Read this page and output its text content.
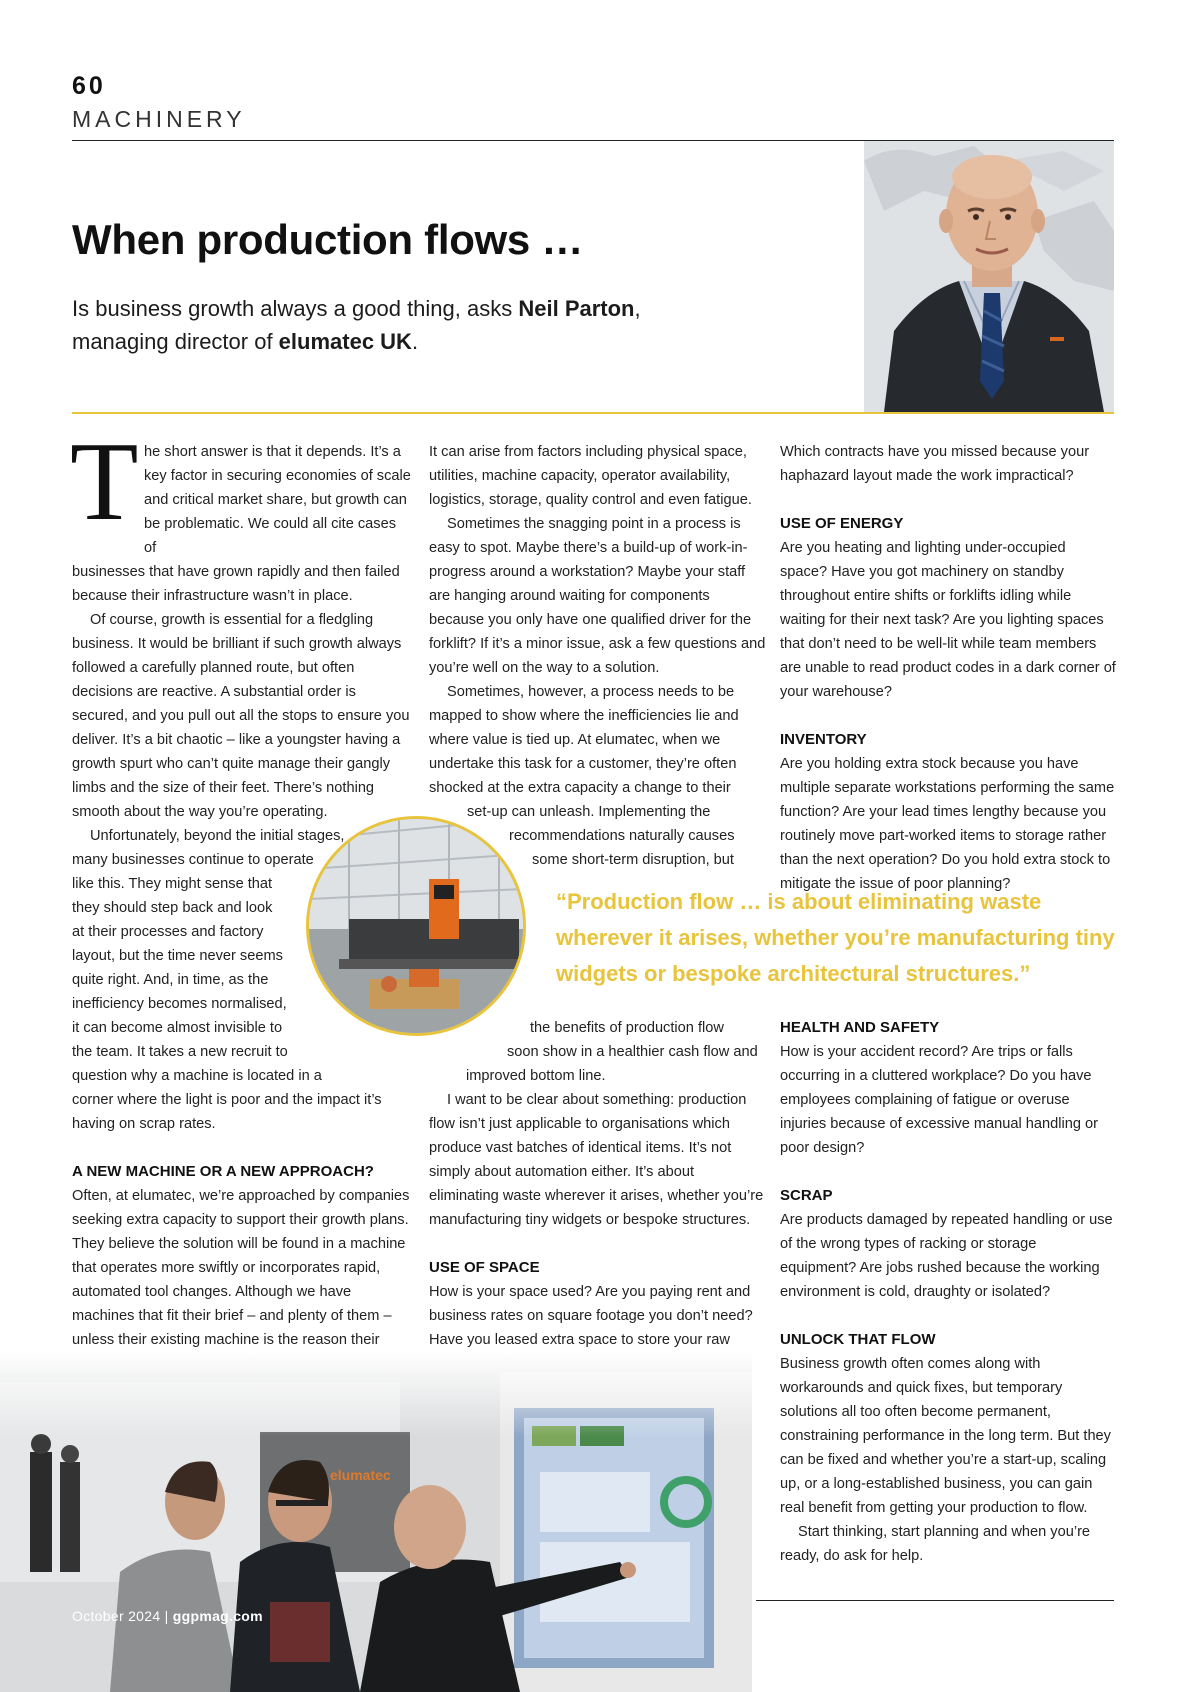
60
MACHINERY
When production flows …
Is business growth always a good thing, asks Neil Parton,
managing director of elumatec UK.
T he short answer is that it depends. It’s a
key factor in securing economies of scale
and critical market share, but growth can
be problematic. We could all cite cases of

businesses that have grown rapidly and then failed because their infrastructure wasn’t in place.

Of course, growth is essential for a fledgling business. It would be brilliant if such growth always followed a carefully planned route, but often decisions are reactive. A substantial order is secured, and you pull out all the stops to ensure you deliver. It’s a bit chaotic – like a youngster having a growth spurt who can’t quite manage their gangly limbs and the size of their feet. There’s nothing smooth about the way you’re operating.

Unfortunately, beyond the initial stages,
many businesses continue to operate
like this. They might sense that
they should step back and look
at their processes and factory
layout, but the time never seems
quite right. And, in time, as the
inefficiency becomes normalised,
it can become almost invisible to
the team. It takes a new recruit to
question why a machine is located in a
corner where the light is poor and the impact it’s
having on scrap rates.
A NEW MACHINE OR A NEW APPROACH?

Often, at elumatec, we’re approached by companies seeking extra capacity to support their growth plans. They believe the solution will be found in a machine that operates more swiftly or incorporates rapid, automated tool changes. Although we have machines that fit their brief – and plenty of them – unless their existing machine is the reason their

It can arise from factors including physical space, utilities, machine capacity, operator availability, logistics, storage, quality control and even fatigue.

Sometimes the snagging point in a process is easy to spot. Maybe there’s a build-up of work-in-progress around a workstation? Maybe your staff are hanging around waiting for components because you only have one qualified driver for the forklift? If it’s a minor issue, ask a few questions and you’re well on the way to a solution.

Sometimes, however, a process needs to be mapped to show where the inefficiencies lie and where value is tied up. At elumatec, when we undertake this task for a customer, they’re often shocked at the extra capacity a change to their

set-up can unleash. Implementing the
recommendations naturally causes
some short-term disruption, but
the benefits of production flow
soon show in a healthier cash flow and
improved bottom line.

I want to be clear about something: production flow isn’t just applicable to organisations which produce vast batches of identical items. It’s not simply about automation either. It’s about eliminating waste wherever it arises, whether you’re manufacturing tiny widgets or bespoke structures.

USE OF SPACE

How is your space used? Are you paying rent and business rates on square footage you don’t need? Have you leased extra space to store your raw

Which contracts have you missed because your haphazard layout made the work impractical?

USE OF ENERGY

Are you heating and lighting under-occupied space? Have you got machinery on standby throughout entire shifts or forklifts idling while waiting for their next task? Are you lighting spaces that don’t need to be well-lit while team members are unable to read product codes in a dark corner of your warehouse?

INVENTORY

Are you holding extra stock because you have multiple separate workstations performing the same function? Are your lead times lengthy because you routinely move part-worked items to storage rather than the next operation? Do you hold extra stock to mitigate the issue of poor planning?

HEALTH AND SAFETY

How is your accident record? Are trips or falls occurring in a cluttered workplace? Do you have employees complaining of fatigue or overuse injuries because of excessive manual handling or poor design?

SCRAP

Are products damaged by repeated handling or use of the wrong types of racking or storage equipment? Are jobs rushed because the working environment is cold, draughty or isolated?

UNLOCK THAT FLOW

Business growth often comes along with workarounds and quick fixes, but temporary solutions all too often become permanent, constraining performance in the long term. But they can be fixed and whether you’re a start-up, scaling up, or a long-established business, you can gain real benefit from getting your production to flow.

Start thinking, start planning and when you’re ready, do ask for help.

“Production flow … is about eliminating waste wherever it arises, whether you’re manufacturing tiny widgets or bespoke architectural structures.”
October 2024 | ggpmag.com
